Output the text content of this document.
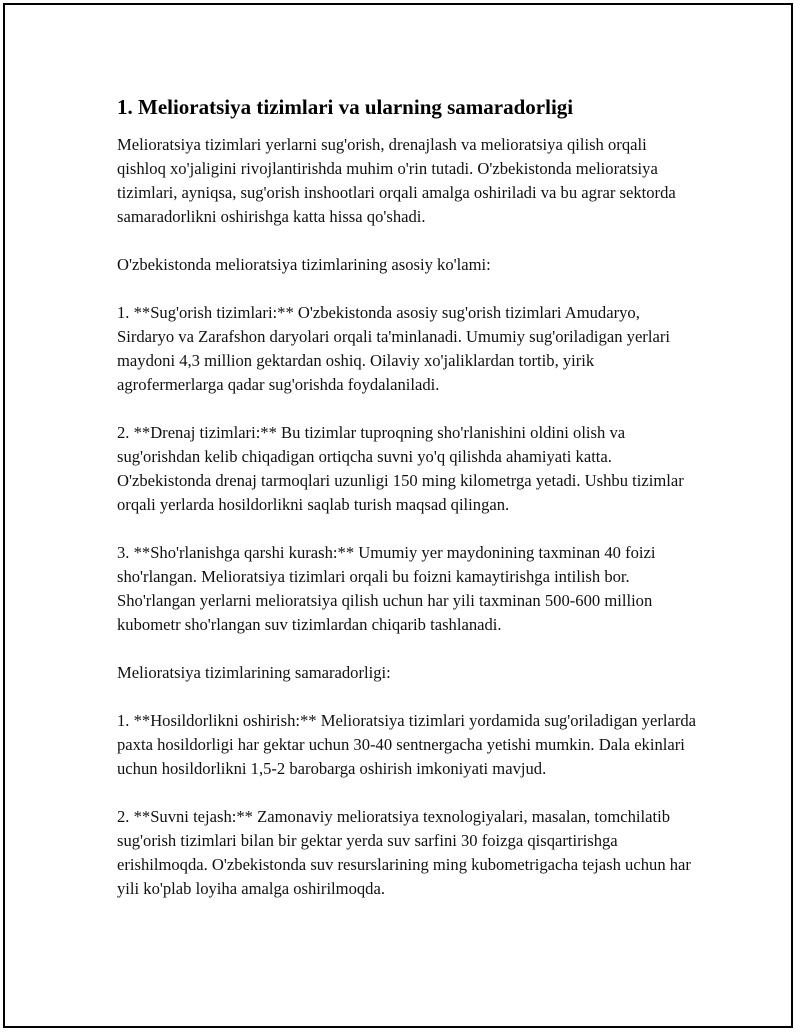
1. Melioratsiya tizimlari va ularning samaradorligi

Melioratsiya tizimlari yerlarni sug'orish, drenajlash va melioratsiya qilish orqali qishloq xo'jaligini rivojlantirishda muhim o'rin tutadi. O'zbekistonda melioratsiya tizimlari, ayniqsa, sug'orish inshootlari orqali amalga oshiriladi va bu agrar sektorda samaradorlikni oshirishga katta hissa qo'shadi.

O'zbekistonda melioratsiya tizimlarining asosiy ko'lami:

1. **Sug'orish tizimlari:** O'zbekistonda asosiy sug'orish tizimlari Amudaryo, Sirdaryo va Zarafshon daryolari orqali ta'minlanadi. Umumiy sug'oriladigan yerlari maydoni 4,3 million gektardan oshiq. Oilaviy xo'jaliklardan tortib, yirik agrofermerlarga qadar sug'orishda foydalaniladi.

2. **Drenaj tizimlari:** Bu tizimlar tuproqning sho'rlanishini oldini olish va sug'orishdan kelib chiqadigan ortiqcha suvni yo'q qilishda ahamiyati katta. O'zbekistonda drenaj tarmoqlari uzunligi 150 ming kilometrga yetadi. Ushbu tizimlar orqali yerlarda hosildorlikni saqlab turish maqsad qilingan.

3. **Sho'rlanishga qarshi kurash:** Umumiy yer maydonining taxminan 40 foizi sho'rlangan. Melioratsiya tizimlari orqali bu foizni kamaytirishga intilish bor. Sho'rlangan yerlarni melioratsiya qilish uchun har yili taxminan 500-600 million kubometr sho'rlangan suv tizimlardan chiqarib tashlanadi.

Melioratsiya tizimlarining samaradorligi:

1. **Hosildorlikni oshirish:** Melioratsiya tizimlari yordamida sug'oriladigan yerlarda paxta hosildorligi har gektar uchun 30-40 sentnergacha yetishi mumkin. Dala ekinlari uchun hosildorlikni 1,5-2 barobarga oshirish imkoniyati mavjud.

2. **Suvni tejash:** Zamonaviy melioratsiya texnologiyalari, masalan, tomchilatib sug'orish tizimlari bilan bir gektar yerda suv sarfini 30 foizga qisqartirishga erishilmoqda. O'zbekistonda suv resurslarining ming kubometrigacha tejash uchun har yili ko'plab loyiha amalga oshirilmoqda.
